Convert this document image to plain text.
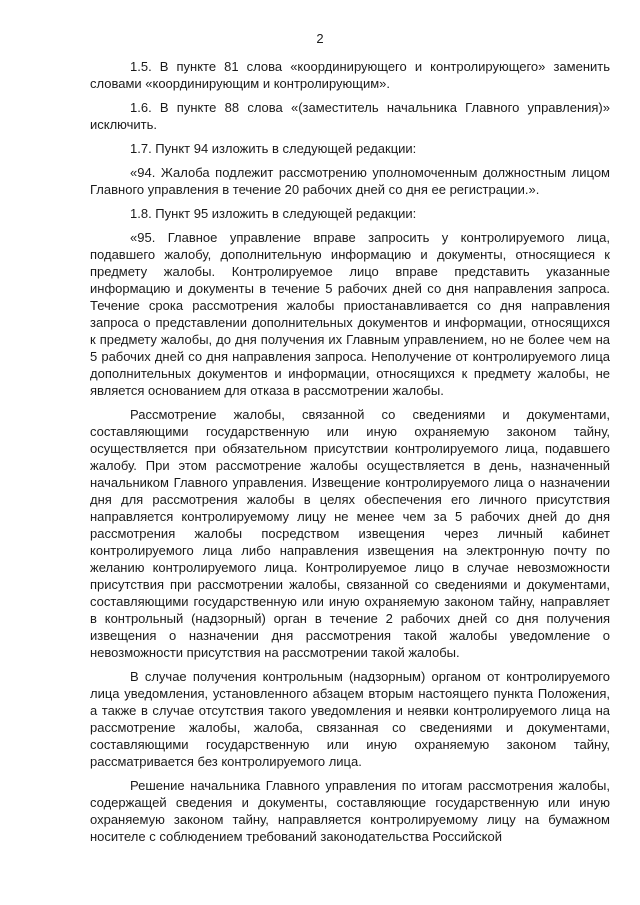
2

1.5. В пункте 81 слова «координирующего и контролирующего» заменить словами «координирующим и контролирующим».

1.6. В пункте 88 слова «(заместитель начальника Главного управления)» исключить.

1.7. Пункт 94 изложить в следующей редакции:

«94. Жалоба подлежит рассмотрению уполномоченным должностным лицом Главного управления в течение 20 рабочих дней со дня ее регистрации.».

1.8. Пункт 95 изложить в следующей редакции:

«95. Главное управление вправе запросить у контролируемого лица, подавшего жалобу, дополнительную информацию и документы, относящиеся к предмету жалобы. Контролируемое лицо вправе представить указанные информацию и документы в течение 5 рабочих дней со дня направления запроса. Течение срока рассмотрения жалобы приостанавливается со дня направления запроса о представлении дополнительных документов и информации, относящихся к предмету жалобы, до дня получения их Главным управлением, но не более чем на 5 рабочих дней со дня направления запроса. Неполучение от контролируемого лица дополнительных документов и информации, относящихся к предмету жалобы, не является основанием для отказа в рассмотрении жалобы.

Рассмотрение жалобы, связанной со сведениями и документами, составляющими государственную или иную охраняемую законом тайну, осуществляется при обязательном присутствии контролируемого лица, подавшего жалобу. При этом рассмотрение жалобы осуществляется в день, назначенный начальником Главного управления. Извещение контролируемого лица о назначении дня для рассмотрения жалобы в целях обеспечения его личного присутствия направляется контролируемому лицу не менее чем за 5 рабочих дней до дня рассмотрения жалобы посредством извещения через личный кабинет контролируемого лица либо направления извещения на электронную почту по желанию контролируемого лица. Контролируемое лицо в случае невозможности присутствия при рассмотрении жалобы, связанной со сведениями и документами, составляющими государственную или иную охраняемую законом тайну, направляет в контрольный (надзорный) орган в течение 2 рабочих дней со дня получения извещения о назначении дня рассмотрения такой жалобы уведомление о невозможности присутствия на рассмотрении такой жалобы.

В случае получения контрольным (надзорным) органом от контролируемого лица уведомления, установленного абзацем вторым настоящего пункта Положения, а также в случае отсутствия такого уведомления и неявки контролируемого лица на рассмотрение жалобы, жалоба, связанная со сведениями и документами, составляющими государственную или иную охраняемую законом тайну, рассматривается без контролируемого лица.

Решение начальника Главного управления по итогам рассмотрения жалобы, содержащей сведения и документы, составляющие государственную или иную охраняемую законом тайну, направляется контролируемому лицу на бумажном носителе с соблюдением требований законодательства Российской
